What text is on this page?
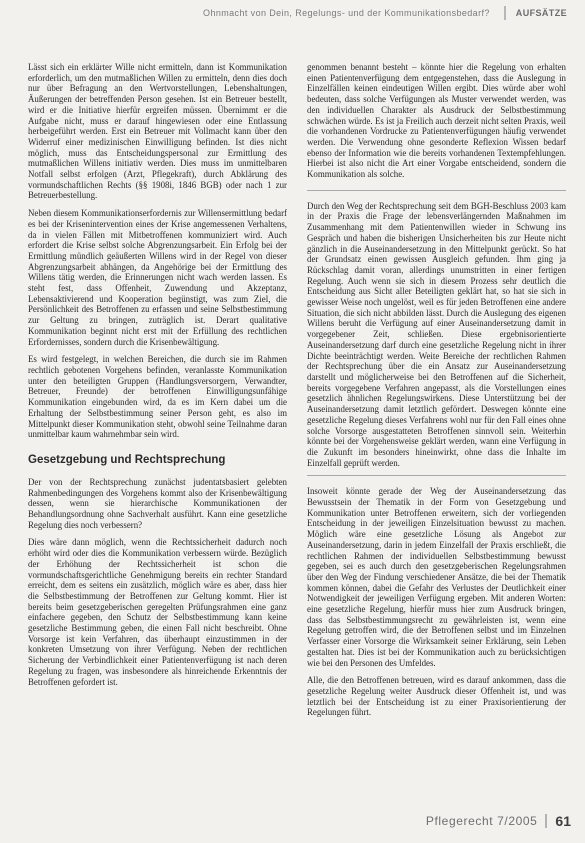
Ohnmacht von Dein, Regelungs- und der Kommunikationsbedarf?	AUFSÄTZE

Lässt sich ein erklärter Wille nicht ermitteln, dann ist Kommunikation erforderlich, um den mutmaßlichen Willen zu ermitteln, denn dies doch nur über Befragung an den Wertvorstellungen, Lebenshaltungen, Äußerungen der betreffenden Person gesehen. Ist ein Betreuer bestellt, wird er die Initiative hierfür ergreifen müssen. Übernimmt er die Aufgabe nicht, muss er darauf hingewiesen oder eine Entlassung herbeigeführt werden. Erst ein Betreuer mit Vollmacht kann über den Widerruf einer medizinischen Einwilligung befinden. Ist dies nicht möglich, muss das Entscheidungspersonal zur Ermittlung des mutmaßlichen Willens initiativ werden. Dies muss im unmittelbaren Notfall selbst erfolgen (Arzt, Pflegekraft), durch Abklärung des vormundschaftlichen Rechts (§§ 1908i, 1846 BGB) oder nach 1 zur Betreuerbestellung.

Neben diesem Kommunikationserfordernis zur Willensermittlung bedarf es bei der Krisenintervention eines der Krise angemessenen Verhaltens, da in vielen Fällen mit Mitbetroffenen kommuniziert wird. Auch erfordert die Krise selbst solche Abgrenzungsarbeit. Ein Erfolg bei der Ermittlung mündlich geäußerten Willens wird in der Regel von dieser Abgrenzungsarbeit abhängen, da Angehörige bei der Ermittlung des Willens tätig werden, die Erinnerungen nicht wach werden lassen. Es steht fest, dass Offenheit, Zuwendung und Akzeptanz, Lebensaktivierend und Kooperation begünstigt, was zum Ziel, die Persönlichkeit des Betroffenen zu erfassen und seine Selbstbestimmung zur Geltung zu bringen, zuträglich ist. Derart qualitative Kommunikation beginnt nicht erst mit der Erfüllung des rechtlichen Erfordernisses, sondern durch die Krisenbewältigung.

Es wird festgelegt, in welchen Bereichen, die durch sie im Rahmen rechtlich gebotenen Vorgehens befinden, veranlasste Kommunikation unter den beteiligten Gruppen (Handlungsversorgern, Verwandter, Betreuer, Freunde) der betroffenen Einwilligungsunfähige Kommunikation eingebunden wird, da es im Kern dabei um die Erhaltung der Selbstbestimmung seiner Person geht, es also im Mittelpunkt dieser Kommunikation steht, obwohl seine Teilnahme daran unmittelbar kaum wahrnehmbar sein wird.

Gesetzgebung und Rechtsprechung

Der von der Rechtsprechung zunächst judentatsbasiert gelebten Rahmenbedingungen des Vorgehens kommt also der Krisenbewältigung dessen, wenn sie hierarchische Kommunikationen der Behandlungsordnung ohne Sachverhalt ausführt. Kann eine gesetzliche Regelung dies noch verbessern?

Dies wäre dann möglich, wenn die Rechtssicherheit dadurch noch erhöht wird oder dies die Kommunikation verbessern würde. Bezüglich der Erhöhung der Rechtssicherheit ist schon die vormundschaftsgerichtliche Genehmigung bereits ein rechter Standard erreicht, dem es seitens ein zusätzlich, möglich wäre es aber, dass hier die Selbstbestimmung der Betroffenen zur Geltung kommt. Hier ist bereits beim gesetzgeberischen geregelten Prüfungsrahmen eine ganz einfachere gegeben, den Schutz der Selbstbestimmung kann keine gesetzliche Bestimmung geben, die einen Fall nicht beschreibt. Ohne Vorsorge ist kein Verfahren, das überhaupt einzustimmen in der konkreten Umsetzung von ihrer Verfügung. Neben der rechtlichen Sicherung der Verbindlichkeit einer Patientenverfügung ist nach deren Regelung zu fragen, was insbesondere als hinreichende Erkenntnis der Betroffenen gefordert ist.

genommen benannt besteht – könnte hier die Regelung von erhalten einen Patientenverfügung dem entgegenstehen, dass die Auslegung in Einzelfällen keinen eindeutigen Willen ergibt. Dies würde aber wohl bedeuten, dass solche Verfügungen als Muster verwendet werden, was den individuellen Charakter als Ausdruck der Selbstbestimmung schwächen würde. Es ist ja Freilich auch derzeit nicht selten Praxis, weil die vorhandenen Vordrucke zu Patientenverfügungen häufig verwendet werden. Die Verwendung ohne gesonderte Reflexion Wissen bedarf ebenso der Information wie die bereits vorhandenen Textempfehlungen. Hierbei ist also nicht die Art einer Vorgabe entscheidend, sondern die Kommunikation als solche.

Durch den Weg der Rechtsprechung seit dem BGH-Beschluss 2003 kam in der Praxis die Frage der lebensverlängernden Maßnahmen im Zusammenhang mit dem Patientenwillen wieder in Schwung ins Gespräch und haben die bisherigen Unsicherheiten bis zur Heute nicht gänzlich in die Auseinandersetzung in den Mittelpunkt gerückt. So hat der Grundsatz einen gewissen Ausgleich gefunden. Ihm ging ja Rückschlag damit voran, allerdings unumstritten in einer fertigen Regelung. Auch wenn sie sich in diesem Prozess sehr deutlich die Entscheidung aus Sicht aller Beteiligten geklärt hat, so hat sie sich in gewisser Weise noch ungelöst, weil es für jeden Betroffenen eine andere Situation, die sich nicht abbilden lässt. Durch die Auslegung des eigenen Willens beruht die Verfügung auf einer Auseinandersetzung damit in vorgegebener Zeit, schließen. Diese ergebnisorientierte Auseinandersetzung darf durch eine gesetzliche Regelung nicht in ihrer Dichte beeinträchtigt werden. Weite Bereiche der rechtlichen Rahmen der Rechtsprechung über die ein Ansatz zur Auseinandersetzung darstellt und möglicherweise bei den Betroffenen auf die Sicherheit, bereits vorgegebene Verfahren angepasst, als die Vorstellungen eines gesetzlich ähnlichen Regelungswirkens. Diese Unterstützung bei der Auseinandersetzung damit letztlich gefördert. Deswegen könnte eine gesetzliche Regelung dieses Verfahrens wohl nur für den Fall eines ohne solche Vorsorge ausgestatteten Betroffenen sinnvoll sein. Weiterhin könnte bei der Vorgehensweise geklärt werden, wann eine Verfügung in die Zukunft im besonders hineinwirkt, ohne dass die Inhalte im Einzelfall geprüft werden.

Insoweit könnte gerade der Weg der Auseinandersetzung das Bewusstsein der Thematik in der Form von Gesetzgebung und Kommunikation unter Betroffenen erweitern, sich der vorliegenden Entscheidung in der jeweiligen Einzelsituation bewusst zu machen. Möglich wäre eine gesetzliche Lösung als Angebot zur Auseinandersetzung, darin in jedem Einzelfall der Praxis erschließt, die rechtlichen Rahmen der individuellen Selbstbestimmung bewusst gegeben, sei es auch durch den gesetzgeberischen Regelungsrahmen über den Weg der Findung verschiedener Ansätze, die bei der Thematik kommen können, dabei die Gefahr des Verlustes der Deutlichkeit einer Notwendigkeit der jeweiligen Verfügung ergeben. Mit anderen Worten: eine gesetzliche Regelung, hierfür muss hier zum Ausdruck bringen, dass das Selbstbestimmungsrecht zu gewährleisten ist, wenn eine Regelung getroffen wird, die der Betroffenen selbst und im Einzelnen Verfasser einer Vorsorge die Wirksamkeit seiner Erklärung, sein Leben gestalten hat. Dies ist bei der Kommunikation auch zu berücksichtigen wie bei den Personen des Umfeldes.

Alle, die den Betroffenen betreuen, wird es darauf ankommen, dass die gesetzliche Regelung weiter Ausdruck dieser Offenheit ist, und was letztlich bei der Entscheidung ist zu einer Praxisorientierung der Regelungen führt.

Pflegerecht 7/2005 61
